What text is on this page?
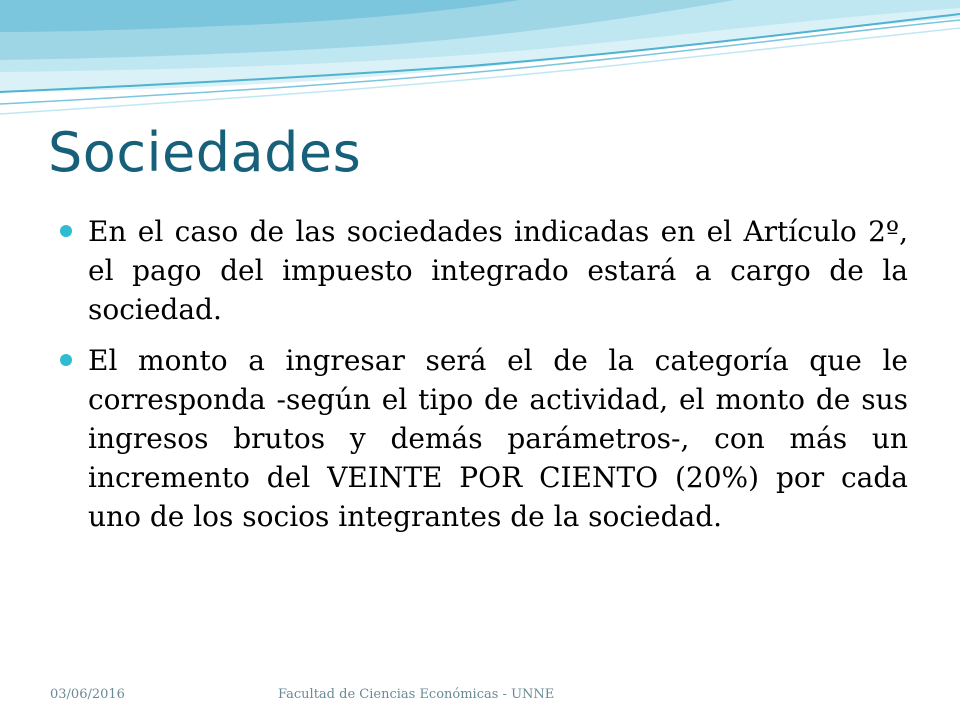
Sociedades
En el caso de las sociedades indicadas en el Artículo 2º, el pago del impuesto integrado estará a cargo de la sociedad.
El monto a ingresar será el de la categoría que le corresponda -según el tipo de actividad, el monto de sus ingresos brutos y demás parámetros-, con más un incremento del VEINTE POR CIENTO (20%) por cada uno de los socios integrantes de la sociedad.
03/06/2016	Facultad de Ciencias Económicas - UNNE
